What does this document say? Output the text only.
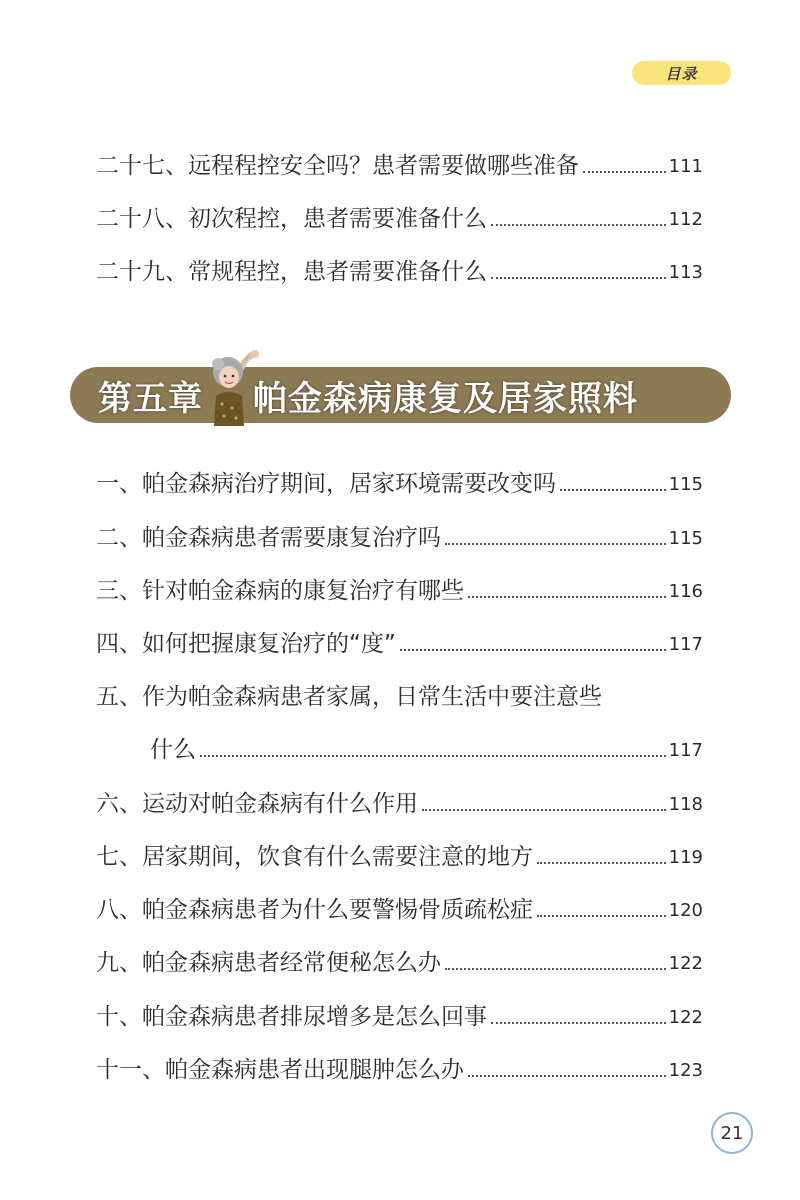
目录
二十七、远程程控安全吗？患者需要做哪些准备	111
二十八、初次程控，患者需要准备什么	112
二十九、常规程控，患者需要准备什么	113
第五章 帕金森病康复及居家照料
一、帕金森病治疗期间，居家环境需要改变吗	115
二、帕金森病患者需要康复治疗吗	115
三、针对帕金森病的康复治疗有哪些	116
四、如何把握康复治疗的“度”	117
五、作为帕金森病患者家属，日常生活中要注意些
什么	117
六、运动对帕金森病有什么作用	118
七、居家期间，饮食有什么需要注意的地方	119
八、帕金森病患者为什么要警惕骨质疏松症	120
九、帕金森病患者经常便秘怎么办	122
十、帕金森病患者排尿增多是怎么回事	122
十一、帕金森病患者出现腿肿怎么办	123
21
